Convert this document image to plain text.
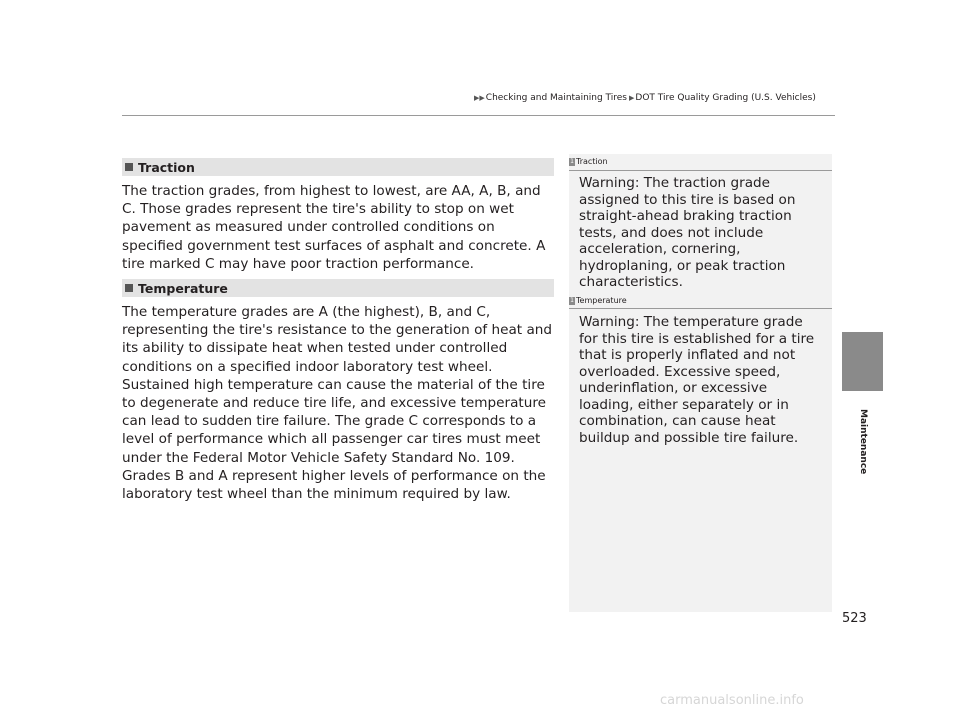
▶▶ Checking and Maintaining Tires ▶ DOT Tire Quality Grading (U.S. Vehicles)
Traction

The traction grades, from highest to lowest, are AA, A, B, and C. Those grades represent the tire's ability to stop on wet pavement as measured under controlled conditions on specified government test surfaces of asphalt and concrete. A tire marked C may have poor traction performance.

Temperature

The temperature grades are A (the highest), B, and C, representing the tire's resistance to the generation of heat and its ability to dissipate heat when tested under controlled conditions on a specified indoor laboratory test wheel. Sustained high temperature can cause the material of the tire to degenerate and reduce tire life, and excessive temperature can lead to sudden tire failure. The grade C corresponds to a level of performance which all passenger car tires must meet under the Federal Motor Vehicle Safety Standard No. 109. Grades B and A represent higher levels of performance on the laboratory test wheel than the minimum required by law.

1 Traction

Warning: The traction grade assigned to this tire is based on straight-ahead braking traction tests, and does not include acceleration, cornering, hydroplaning, or peak traction characteristics.

1 Temperature

Warning: The temperature grade for this tire is established for a tire that is properly inflated and not overloaded. Excessive speed, underinflation, or excessive loading, either separately or in combination, can cause heat buildup and possible tire failure.	Maintenance
523
carmanualsonline.info
